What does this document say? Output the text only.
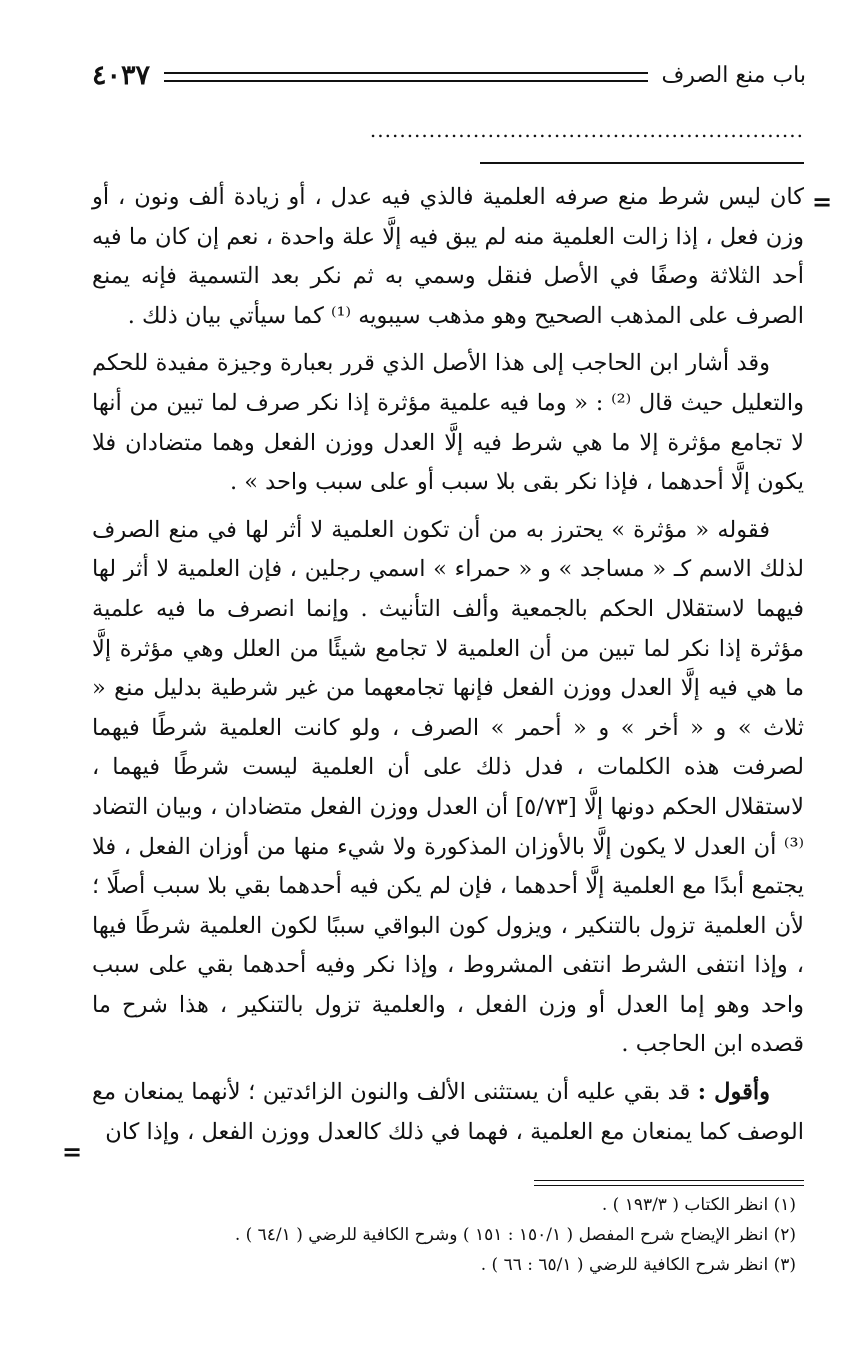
باب منع الصرف
٤٠٣٧
...........................................................
=

كان ليس شرط منع صرفه العلمية فالذي فيه عدل ، أو زيادة ألف ونون ، أو وزن فعل ، إذا زالت العلمية منه لم يبق فيه إلَّا علة واحدة ، نعم إن كان ما فيه أحد الثلاثة وصفًا في الأصل فنقل وسمي به ثم نكر بعد التسمية فإنه يمنع الصرف على المذهب الصحيح وهو مذهب سيبويه ⁽¹⁾ كما سيأتي بيان ذلك .

وقد أشار ابن الحاجب إلى هذا الأصل الذي قرر بعبارة وجيزة مفيدة للحكم والتعليل حيث قال ⁽²⁾ : « وما فيه علمية مؤثرة إذا نكر صرف لما تبين من أنها لا تجامع مؤثرة إلا ما هي شرط فيه إلَّا العدل ووزن الفعل وهما متضادان فلا يكون إلَّا أحدهما ، فإذا نكر بقى بلا سبب أو على سبب واحد » .

فقوله « مؤثرة » يحترز به من أن تكون العلمية لا أثر لها في منع الصرف لذلك الاسم كـ « مساجد » و « حمراء » اسمي رجلين ، فإن العلمية لا أثر لها فيهما لاستقلال الحكم بالجمعية وألف التأنيث . وإنما انصرف ما فيه علمية مؤثرة إذا نكر لما تبين من أن العلمية لا تجامع شيئًا من العلل وهي مؤثرة إلَّا ما هي فيه إلَّا العدل ووزن الفعل فإنها تجامعهما من غير شرطية بدليل منع « ثلاث » و « أخر » و « أحمر » الصرف ، ولو كانت العلمية شرطًا فيهما لصرفت هذه الكلمات ، فدل ذلك على أن العلمية ليست شرطًا فيهما ، لاستقلال الحكم دونها إلَّا [٥/٧٣] أن العدل ووزن الفعل متضادان ، وبيان التضاد ⁽³⁾ أن العدل لا يكون إلَّا بالأوزان المذكورة ولا شيء منها من أوزان الفعل ، فلا يجتمع أبدًا مع العلمية إلَّا أحدهما ، فإن لم يكن فيه أحدهما بقي بلا سبب أصلًا ؛ لأن العلمية تزول بالتنكير ، ويزول كون البواقي سببًا لكون العلمية شرطًا فيها ، وإذا انتفى الشرط انتفى المشروط ، وإذا نكر وفيه أحدهما بقي على سبب واحد وهو إما العدل أو وزن الفعل ، والعلمية تزول بالتنكير ، هذا شرح ما قصده ابن الحاجب .

وأقول : قد بقي عليه أن يستثنى الألف والنون الزائدتين ؛ لأنهما يمنعان مع الوصف كما يمنعان مع العلمية ، فهما في ذلك كالعدل ووزن الفعل ، وإذا كان

=
(١) انظر الكتاب ( ١٩٣/٣ ) .
(٢) انظر الإيضاح شرح المفصل ( ١٥٠/١ : ١٥١ ) وشرح الكافية للرضي ( ٦٤/١ ) .
(٣) انظر شرح الكافية للرضي ( ٦٥/١ : ٦٦ ) .
